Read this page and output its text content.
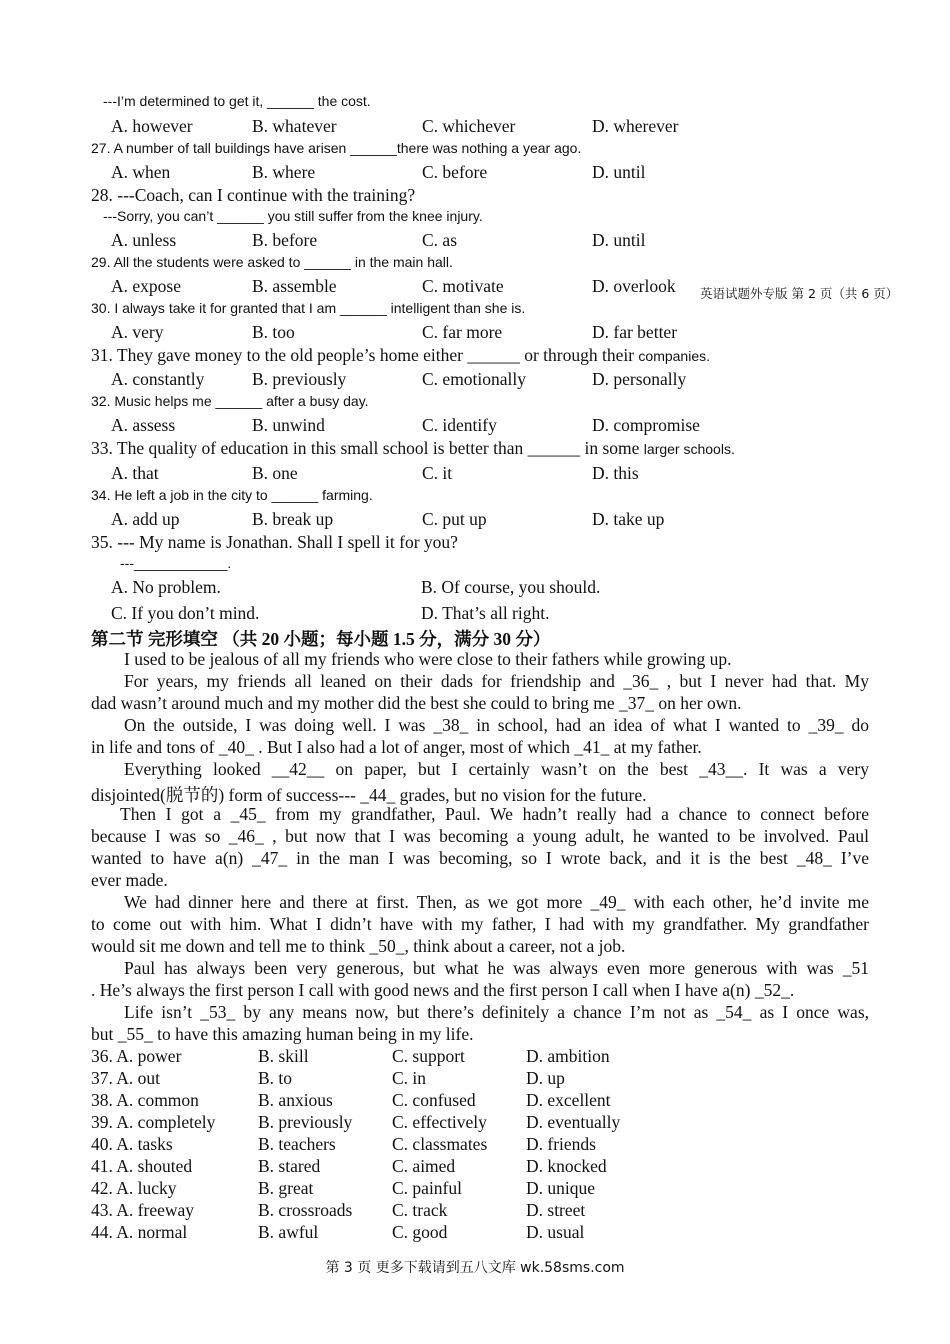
---I’m determined to get it, ______ the cost.
A. however	B. whatever	C. whichever	D. wherever
27. A number of tall buildings have arisen ______there was nothing a year ago.
A. when	B. where	C. before	D. until
28. ---Coach, can I continue with the training?
---Sorry, you can’t ______ you still suffer from the knee injury.
A. unless	B. before	C. as	D. until
29. All the students were asked to ______ in the main hall.
A. expose	B. assemble	C. motivate	D. overlook 英语试题外专版 第 2 页（共 6 页）
30. I always take it for granted that I am ______ intelligent than she is.
A. very	B. too	C. far more	D. far better
31. They gave money to the old people’s home either ______ or through their companies.
A. constantly	B. previously	C. emotionally	D. personally
32. Music helps me ______ after a busy day.
A. assess	B. unwind	C. identify	D. compromise
33. The quality of education in this small school is better than ______ in some larger schools.
A. that	B. one	C. it	D. this
34. He left a job in the city to ______ farming.
A. add up	B. break up	C. put up	D. take up
35. --- My name is Jonathan. Shall I spell it for you?
---____________.
A. No problem.	B. Of course, you should.
C. If you don’t mind.	D. That’s all right.
第二节 完形填空 （共 20 小题；每小题 1.5 分，满分 30 分）
I used to be jealous of all my friends who were close to their fathers while growing up.
For years, my friends all leaned on their dads for friendship and _36_ , but I never had that. My
dad wasn’t around much and my mother did the best she could to bring me _37_ on her own.
On the outside, I was doing well. I was _38_ in school, had an idea of what I wanted to _39_ do
in life and tons of _40_ . But I also had a lot of anger, most of which _41_ at my father.
Everything looked __42__ on paper, but I certainly wasn’t on the best _43__. It was a very
disjointed(脱节的) form of success--- _44_ grades, but no vision for the future.
Then I got a _45_ from my grandfather, Paul. We hadn’t really had a chance to connect before
because I was so _46_ , but now that I was becoming a young adult, he wanted to be involved. Paul
wanted to have a(n) _47_ in the man I was becoming, so I wrote back, and it is the best _48_ I’ve
ever made.
We had dinner here and there at first. Then, as we got more _49_ with each other, he’d invite me
to come out with him. What I didn’t have with my father, I had with my grandfather. My grandfather
would sit me down and tell me to think _50_, think about a career, not a job.
Paul has always been very generous, but what he was always even more generous with was _51
. He’s always the first person I call with good news and the first person I call when I have a(n) _52_.
Life isn’t _53_ by any means now, but there’s definitely a chance I’m not as _54_ as I once was,
but _55_ to have this amazing human being in my life.
36. A. power	B. skill	C. support	D. ambition
37. A. out	B. to	C. in	D. up
38. A. common	B. anxious	C. confused	D. excellent
39. A. completely B. previously C. effectively D. eventually
40. A. tasks	B. teachers	C. classmates D. friends
41. A. shouted	B. stared	C. aimed	D. knocked
42. A. lucky	B. great	C. painful	D. unique
43. A. freeway	B. crossroads C. track	D. street
44. A. normal	B. awful	C. good	D. usual
第 3 页 更多下载请到五八文库 wk.58sms.com
